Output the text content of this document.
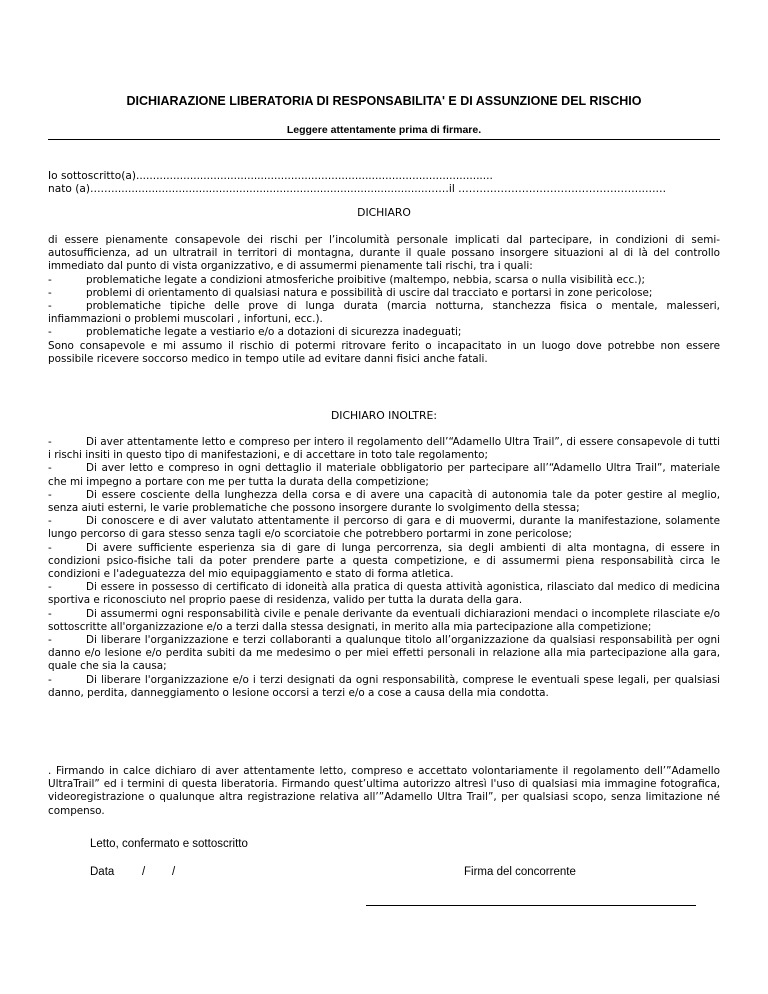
DICHIARAZIONE LIBERATORIA DI RESPONSABILITA' E DI ASSUNZIONE DEL RISCHIO
Leggere attentamente prima di firmare.
Io sottoscritto(a)..........................................................................................................
nato (a)……..............................................................................................……il ……………………………………………..……
DICHIARO

di essere pienamente consapevole dei rischi per l’incolumità personale implicati dal partecipare, in condizioni di semi-autosufficienza, ad un ultratrail in territori di montagna, durante il quale possano insorgere situazioni al di là del controllo immediato dal punto di vista organizzativo, e di assumermi pienamente tali rischi, tra i quali:

-	problematiche legate a condizioni atmosferiche proibitive (maltempo, nebbia, scarsa o nulla visibilità ecc.);

-	problemi di orientamento di qualsiasi natura e possibilità di uscire dal tracciato e portarsi in zone pericolose;

-	problematiche tipiche delle prove di lunga durata (marcia notturna, stanchezza fisica o mentale, malesseri, infiammazioni o problemi muscolari , infortuni, ecc.).

-	problematiche legate a vestiario e/o a dotazioni di sicurezza inadeguati;

Sono consapevole e mi assumo il rischio di potermi ritrovare ferito o incapacitato in un luogo dove potrebbe non essere possibile ricevere soccorso medico in tempo utile ad evitare danni fisici anche fatali.

DICHIARO INOLTRE:

-	Di aver attentamente letto e compreso per intero il regolamento dell’“Adamello Ultra Trail”, di essere consapevole di tutti i rischi insiti in questo tipo di manifestazioni, e di accettare in toto tale regolamento;

-	Di aver letto e compreso in ogni dettaglio il materiale obbligatorio per partecipare all’“Adamello Ultra Trail”, materiale che mi impegno a portare con me per tutta la durata della competizione;

-	Di essere cosciente della lunghezza della corsa e di avere una capacità di autonomia tale da poter gestire al meglio, senza aiuti esterni, le varie problematiche che possono insorgere durante lo svolgimento della stessa;

-	Di conoscere e di aver valutato attentamente il percorso di gara e di muovermi, durante la manifestazione, solamente lungo percorso di gara stesso senza tagli e/o scorciatoie che potrebbero portarmi in zone pericolose;

-	Di avere sufficiente esperienza sia di gare di lunga percorrenza, sia degli ambienti di alta montagna, di essere in condizioni psico-fisiche tali da poter prendere parte a questa competizione, e di assumermi piena responsabilità circa le condizioni e l'adeguatezza del mio equipaggiamento e stato di forma atletica.

-	Di essere in possesso di certificato di idoneità alla pratica di questa attività agonistica, rilasciato dal medico di medicina sportiva e riconosciuto nel proprio paese di residenza, valido per tutta la durata della gara.

-	Di assumermi ogni responsabilità civile e penale derivante da eventuali dichiarazioni mendaci o incomplete rilasciate e/o sottoscritte all'organizzazione e/o a terzi dalla stessa designati, in merito alla mia partecipazione alla competizione;

-	Di liberare l'organizzazione e terzi collaboranti a qualunque titolo all’organizzazione da qualsiasi responsabilità per ogni danno e/o lesione e/o perdita subiti da me medesimo o per miei effetti personali in relazione alla mia partecipazione alla gara, quale che sia la causa;

-	Di liberare l'organizzazione e/o i terzi designati da ogni responsabilità, comprese le eventuali spese legali, per qualsiasi danno, perdita, danneggiamento o lesione occorsi a terzi e/o a cose a causa della mia condotta.

. Firmando in calce dichiaro di aver attentamente letto, compreso e accettato volontariamente il regolamento dell’”Adamello UltraTrail” ed i termini di questa liberatoria. Firmando quest’ultima autorizzo altresì l'uso di qualsiasi mia immagine fotografica, videoregistrazione o qualunque altra registrazione relativa all’”Adamello Ultra Trail”, per qualsiasi scopo, senza limitazione né compenso.
Letto, confermato e sottoscritto
Data / /	Firma del concorrente
